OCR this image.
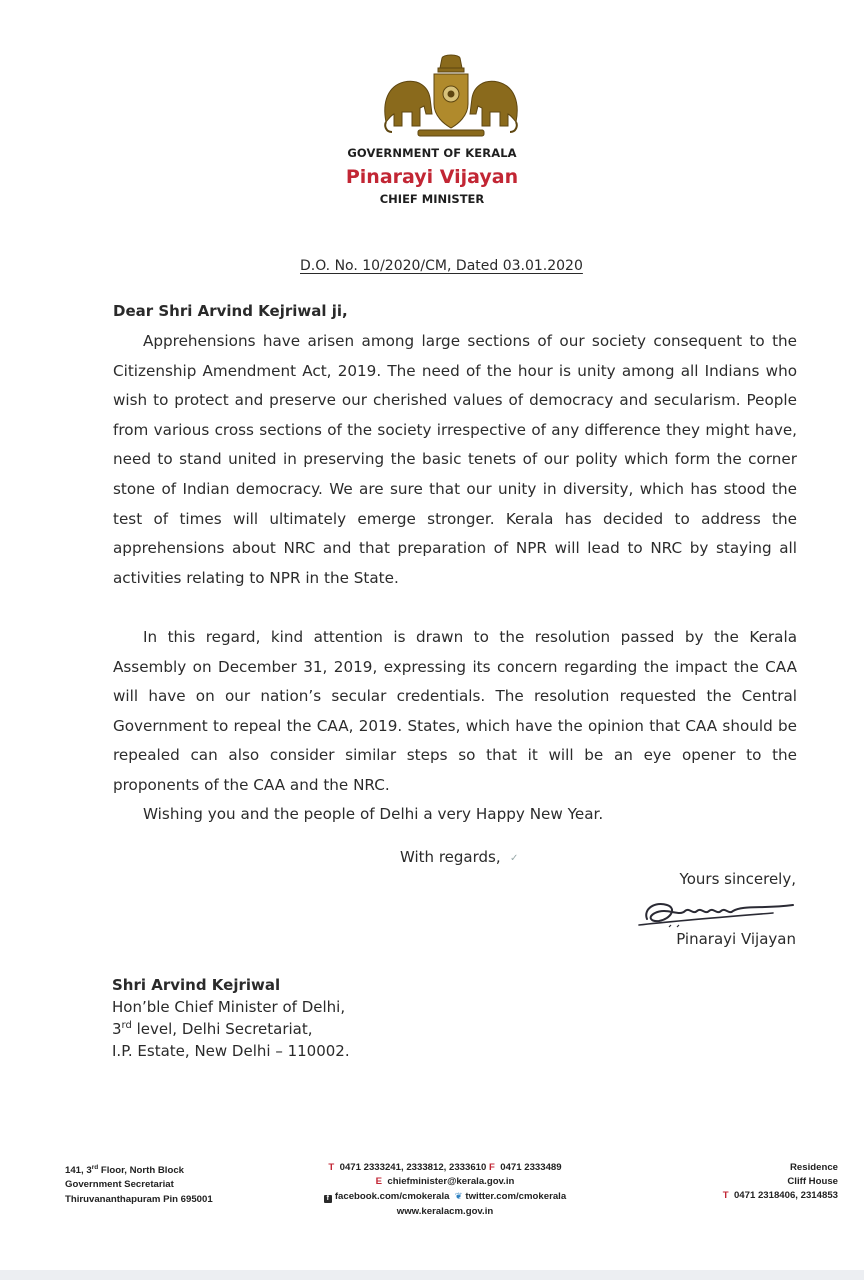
GOVERNMENT OF KERALA
Pinarayi Vijayan
CHIEF MINISTER
D.O. No. 10/2020/CM, Dated 03.01.2020
Dear Shri Arvind Kejriwal ji,

Apprehensions have arisen among large sections of our society consequent to the Citizenship Amendment Act, 2019. The need of the hour is unity among all Indians who wish to protect and preserve our cherished values of democracy and secularism. People from various cross sections of the society irrespective of any difference they might have, need to stand united in preserving the basic tenets of our polity which form the corner stone of Indian democracy. We are sure that our unity in diversity, which has stood the test of times will ultimately emerge stronger. Kerala has decided to address the apprehensions about NRC and that preparation of NPR will lead to NRC by staying all activities relating to NPR in the State.

In this regard, kind attention is drawn to the resolution passed by the Kerala Assembly on December 31, 2019, expressing its concern regarding the impact the CAA will have on our nation’s secular credentials. The resolution requested the Central Government to repeal the CAA, 2019. States, which have the opinion that CAA should be repealed can also consider similar steps so that it will be an eye opener to the proponents of the CAA and the NRC.

Wishing you and the people of Delhi a very Happy New Year.

With regards, ✓
Yours sincerely,
Pinarayi Vijayan
Shri Arvind Kejriwal
Hon’ble Chief Minister of Delhi,
3rd level, Delhi Secretariat,
I.P. Estate, New Delhi – 110002.
141, 3rd Floor, North Block
Government Secretariat
Thiruvananthapuram Pin 695001
T 0471 2333241, 2333812, 2333610 F 0471 2333489
E chiefminister@kerala.gov.in
f facebook.com/cmokerala ❦ twitter.com/cmokerala
www.keralacm.gov.in
Residence
Cliff House
T 0471 2318406, 2314853
